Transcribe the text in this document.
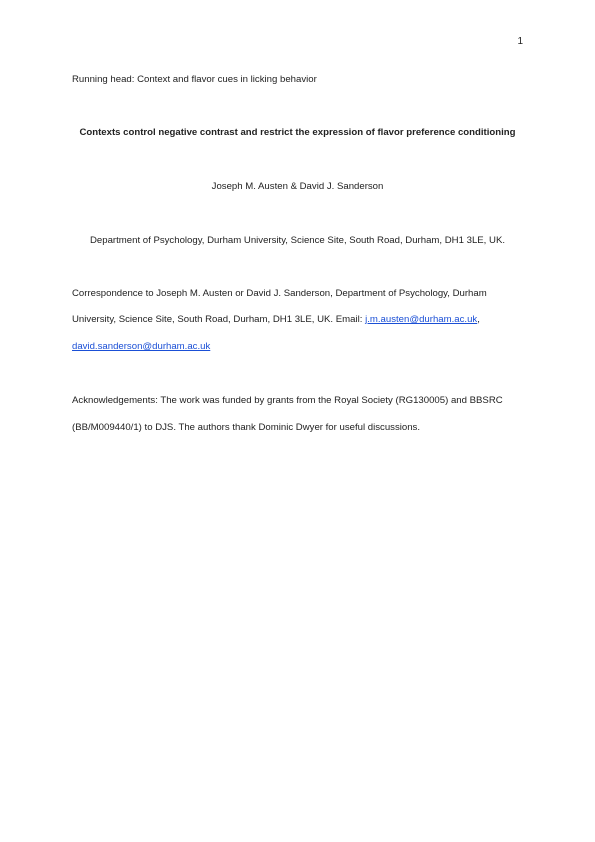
1
Running head: Context and flavor cues in licking behavior
Contexts control negative contrast and restrict the expression of flavor preference conditioning
Joseph M. Austen & David J. Sanderson
Department of Psychology, Durham University, Science Site, South Road, Durham, DH1 3LE, UK.
Correspondence to Joseph M. Austen or David J. Sanderson, Department of Psychology, Durham
University, Science Site, South Road, Durham, DH1 3LE, UK. Email: j.m.austen@durham.ac.uk,
david.sanderson@durham.ac.uk
Acknowledgements: The work was funded by grants from the Royal Society (RG130005) and BBSRC
(BB/M009440/1) to DJS. The authors thank Dominic Dwyer for useful discussions.
